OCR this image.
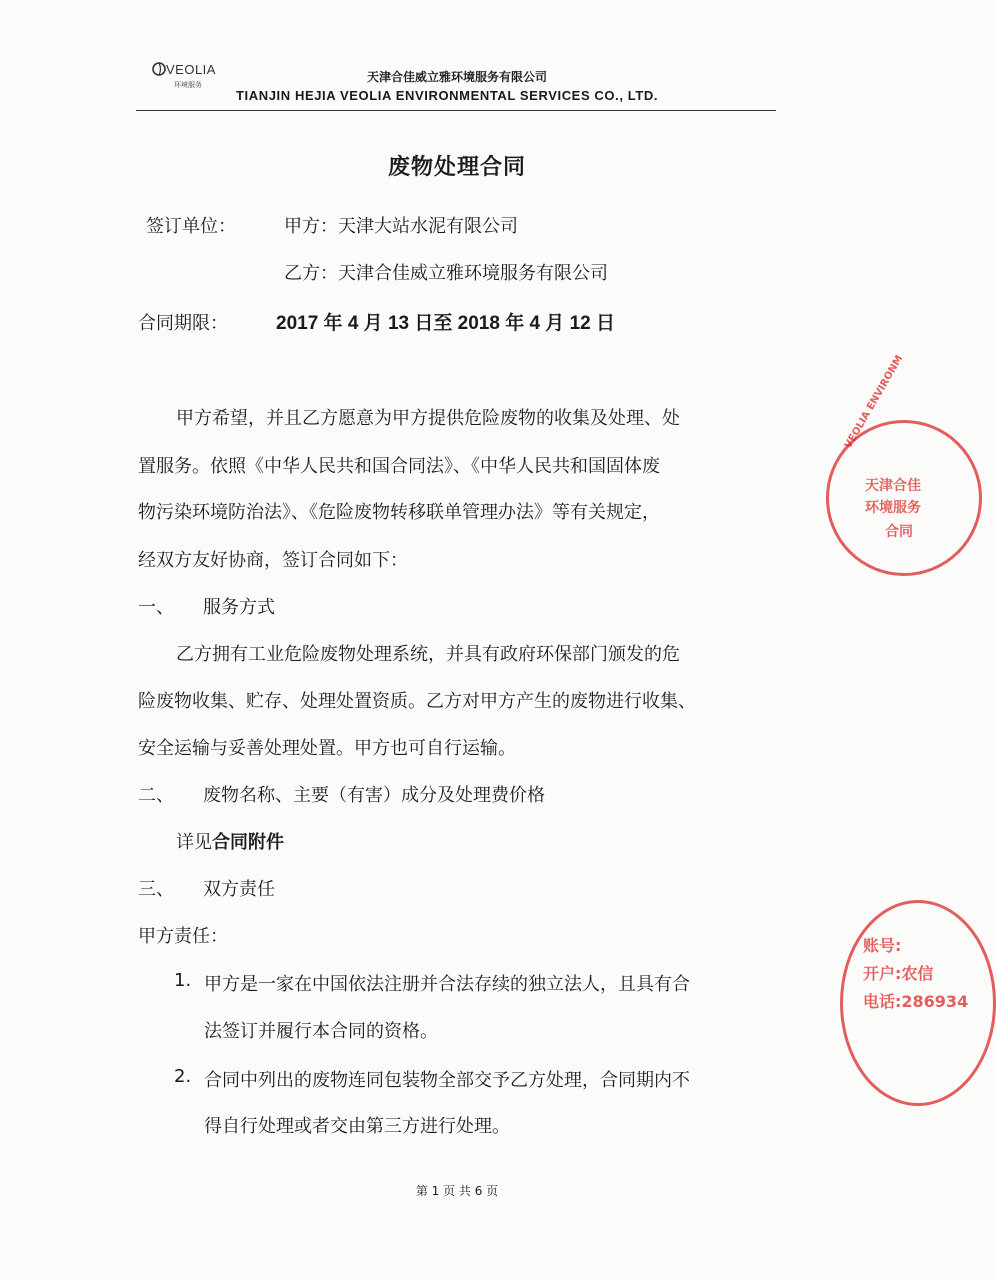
VEOLIA
环境服务
天津合佳威立雅环境服务有限公司
TIANJIN HEJIA VEOLIA ENVIRONMENTAL SERVICES CO., LTD.
废物处理合同
签订单位：	甲方：天津大站水泥有限公司
乙方：天津合佳威立雅环境服务有限公司
合同期限：	2017 年 4 月 13 日至 2018 年 4 月 12 日
甲方希望，并且乙方愿意为甲方提供危险废物的收集及处理、处
置服务。依照《中华人民共和国合同法》、《中华人民共和国固体废
物污染环境防治法》、《危险废物转移联单管理办法》等有关规定，
经双方友好协商，签订合同如下：
一、 服务方式
乙方拥有工业危险废物处理系统，并具有政府环保部门颁发的危
险废物收集、贮存、处理处置资质。乙方对甲方产生的废物进行收集、
安全运输与妥善处理处置。甲方也可自行运输。
二、 废物名称、主要（有害）成分及处理费价格
详见合同附件
三、 双方责任
甲方责任：
1. 甲方是一家在中国依法注册并合法存续的独立法人，且具有合
法签订并履行本合同的资格。
2. 合同中列出的废物连同包装物全部交予乙方处理，合同期内不
得自行处理或者交由第三方进行处理。
第 1 页 共 6 页
VEOLIA ENVIRONM
天津合佳
环境服务
合同
账号:
开户:农信
电话:286934
